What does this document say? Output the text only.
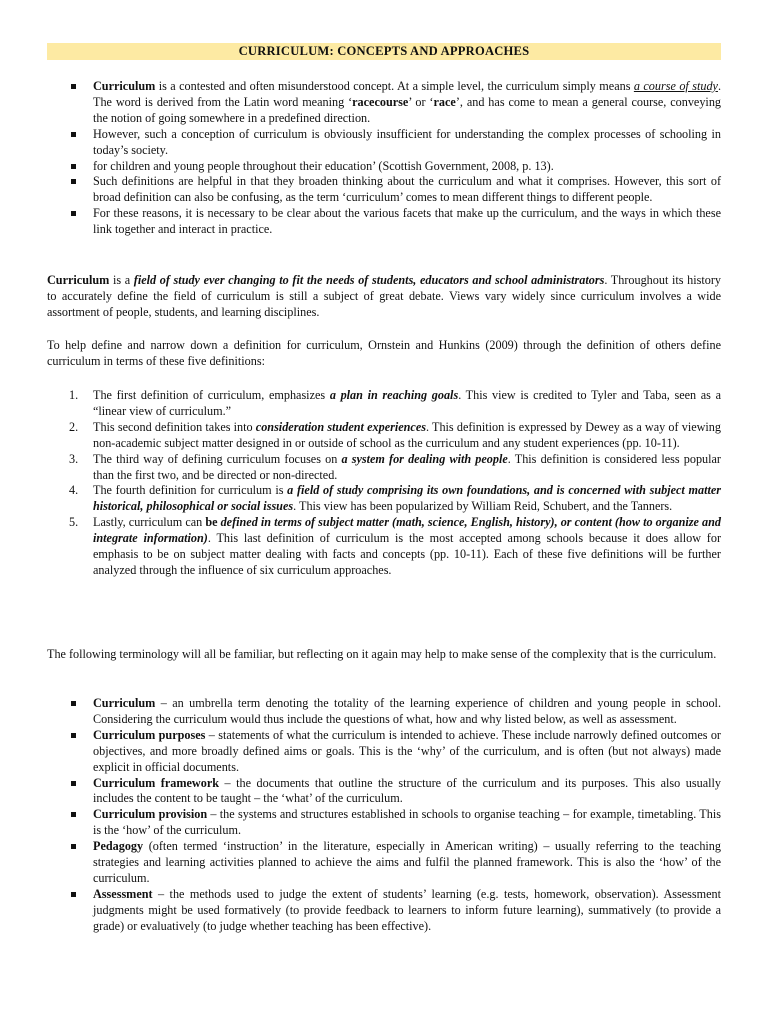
CURRICULUM: CONCEPTS AND APPROACHES
Curriculum is a contested and often misunderstood concept. At a simple level, the curriculum simply means a course of study. The word is derived from the Latin word meaning ‘racecourse’ or ‘race’, and has come to mean a general course, conveying the notion of going somewhere in a predefined direction.
However, such a conception of curriculum is obviously insufficient for understanding the complex processes of schooling in today’s society.
for children and young people throughout their education’ (Scottish Government, 2008, p. 13).
Such definitions are helpful in that they broaden thinking about the curriculum and what it comprises. However, this sort of broad definition can also be confusing, as the term ‘curriculum’ comes to mean different things to different people.
For these reasons, it is necessary to be clear about the various facets that make up the curriculum, and the ways in which these link together and interact in practice.
Curriculum is a field of study ever changing to fit the needs of students, educators and school administrators. Throughout its history to accurately define the field of curriculum is still a subject of great debate. Views vary widely since curriculum involves a wide assortment of people, students, and learning disciplines.
To help define and narrow down a definition for curriculum, Ornstein and Hunkins (2009) through the definition of others define curriculum in terms of these five definitions:
1. The first definition of curriculum, emphasizes a plan in reaching goals. This view is credited to Tyler and Taba, seen as a “linear view of curriculum.”
2. This second definition takes into consideration student experiences. This definition is expressed by Dewey as a way of viewing non-academic subject matter designed in or outside of school as the curriculum and any student experiences (pp. 10-11).
3. The third way of defining curriculum focuses on a system for dealing with people. This definition is considered less popular than the first two, and be directed or non-directed.
4. The fourth definition for curriculum is a field of study comprising its own foundations, and is concerned with subject matter historical, philosophical or social issues. This view has been popularized by William Reid, Schubert, and the Tanners.
5. Lastly, curriculum can be defined in terms of subject matter (math, science, English, history), or content (how to organize and integrate information). This last definition of curriculum is the most accepted among schools because it does allow for emphasis to be on subject matter dealing with facts and concepts (pp. 10-11). Each of these five definitions will be further analyzed through the influence of six curriculum approaches.
The following terminology will all be familiar, but reflecting on it again may help to make sense of the complexity that is the curriculum.
Curriculum – an umbrella term denoting the totality of the learning experience of children and young people in school. Considering the curriculum would thus include the questions of what, how and why listed below, as well as assessment.
Curriculum purposes – statements of what the curriculum is intended to achieve. These include narrowly defined outcomes or objectives, and more broadly defined aims or goals. This is the ‘why’ of the curriculum, and is often (but not always) made explicit in official documents.
Curriculum framework – the documents that outline the structure of the curriculum and its purposes. This also usually includes the content to be taught – the ‘what’ of the curriculum.
Curriculum provision – the systems and structures established in schools to organise teaching – for example, timetabling. This is the ‘how’ of the curriculum.
Pedagogy (often termed ‘instruction’ in the literature, especially in American writing) – usually referring to the teaching strategies and learning activities planned to achieve the aims and fulfil the planned framework. This is also the ‘how’ of the curriculum.
Assessment – the methods used to judge the extent of students’ learning (e.g. tests, homework, observation). Assessment judgments might be used formatively (to provide feedback to learners to inform future learning), summatively (to provide a grade) or evaluatively (to judge whether teaching has been effective).
